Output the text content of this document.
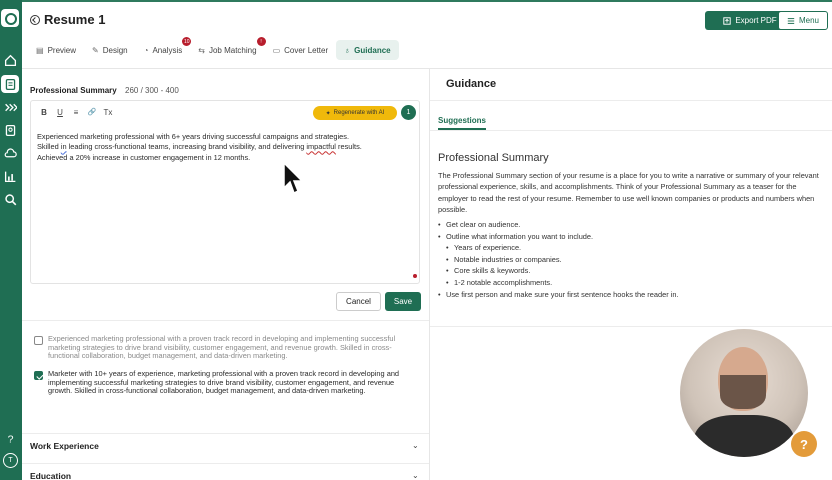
?
T
Resume 1	Export PDF	Menu
▤ Preview ✎ Design ◔ Analysis
10
⇆ Job Matching
!
▭ Cover Letter ♁ Guidance
Professional Summary 260 / 300 - 400
B U	≡	🔗 Tx	✦ Regenerate with AI	1
Experienced marketing professional with 6+ years driving successful campaigns and strategies.
Skilled in leading cross-functional teams, increasing brand visibility, and delivering impactful results.
Achieved a 20% increase in customer engagement in 12 months.
Cancel	Save
Experienced marketing professional with a proven track record in developing and implementing successful marketing strategies to drive brand visibility, customer engagement, and revenue growth. Skilled in cross-functional collaboration, budget management, and data-driven marketing.
Marketer with 10+ years of experience, marketing professional with a proven track record in developing and implementing successful marketing strategies to drive brand visibility, customer engagement, and revenue growth. Skilled in cross-functional collaboration, budget management, and data-driven marketing.
Work Experience	⌄
Education	⌄
Guidance
Suggestions
Professional Summary
The Professional Summary section of your resume is a place for you to write a narrative or summary of your relevant professional experience, skills, and accomplishments. Think of your Professional Summary as a teaser for the employer to read the rest of your resume. Remember to use well known companies or products and numbers when possible.
• Get clear on audience.
• Outline what information you want to include.
• Years of experience.
• Notable industries or companies.
• Core skills & keywords.
• 1-2 notable accomplishments.
• Use first person and make sure your first sentence hooks the reader in.
?
